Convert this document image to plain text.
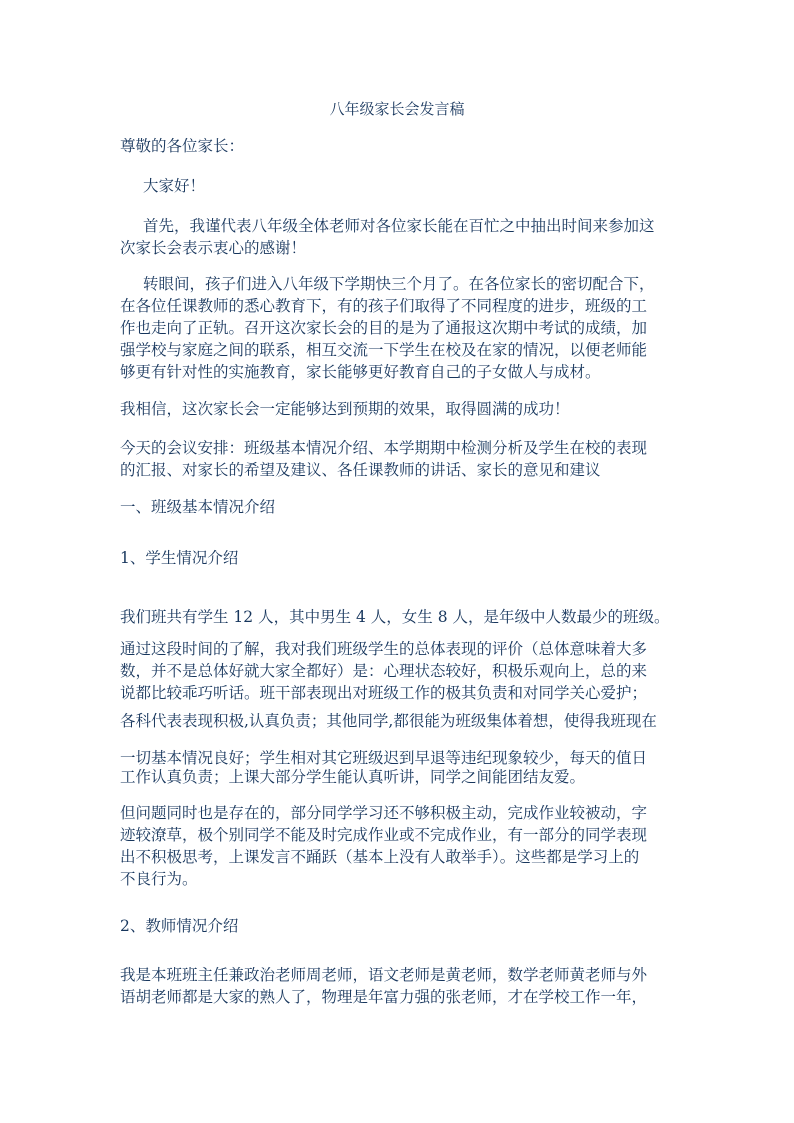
八年级家长会发言稿

尊敬的各位家长：

大家好！

首先，我谨代表八年级全体老师对各位家长能在百忙之中抽出时间来参加这
次家长会表示衷心的感谢！
转眼间，孩子们进入八年级下学期快三个月了。在各位家长的密切配合下，
在各位任课教师的悉心教育下，有的孩子们取得了不同程度的进步，班级的工
作也走向了正轨。召开这次家长会的目的是为了通报这次期中考试的成绩，加
强学校与家庭之间的联系，相互交流一下学生在校及在家的情况，以便老师能
够更有针对性的实施教育，家长能够更好教育自己的子女做人与成材。

我相信，这次家长会一定能够达到预期的效果，取得圆满的成功！

今天的会议安排：班级基本情况介绍、本学期期中检测分析及学生在校的表现
的汇报、对家长的希望及建议、各任课教师的讲话、家长的意见和建议

一、班级基本情况介绍

1、学生情况介绍

我们班共有学生 12 人，其中男生 4 人，女生 8 人，是年级中人数最少的班级。

通过这段时间的了解，我对我们班级学生的总体表现的评价（总体意味着大多
数，并不是总体好就大家全都好）是：心理状态较好，积极乐观向上，总的来
说都比较乖巧听话。班干部表现出对班级工作的极其负责和对同学关心爱护；
各科代表表现积极,认真负责；其他同学,都很能为班级集体着想，使得我班现在
一切基本情况良好；学生相对其它班级迟到早退等违纪现象较少，每天的值日

工作认真负责；上课大部分学生能认真听讲，同学之间能团结友爱。

但问题同时也是存在的，部分同学学习还不够积极主动，完成作业较被动，字
迹较潦草，极个别同学不能及时完成作业或不完成作业，有一部分的同学表现
出不积极思考，上课发言不踊跃（基本上没有人敢举手）。这些都是学习上的
不良行为。

2、教师情况介绍

我是本班班主任兼政治老师周老师，语文老师是黄老师，数学老师黄老师与外
语胡老师都是大家的熟人了，物理是年富力强的张老师，才在学校工作一年，
